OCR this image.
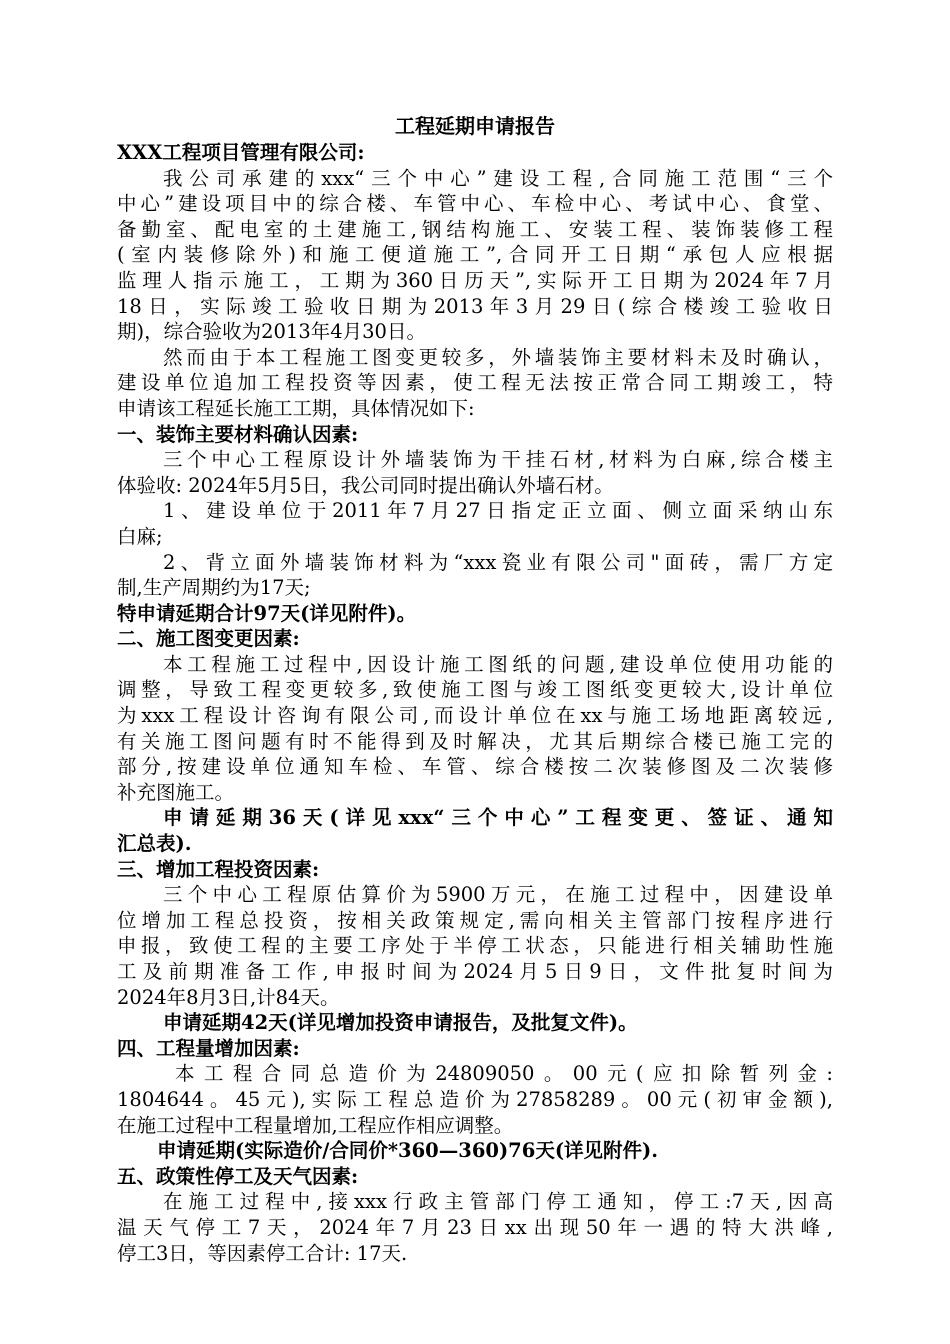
工程延期申请报告
XXX工程项目管理有限公司:
我公司承建的xxx“三个中心”建设工程,合同施工范围“三个
中心”建设项目中的综合楼、车管中心、车检中心、考试中心、食堂、
备勤室、配电室的土建施工,钢结构施工、安装工程、装饰装修工程
(室内装修除外)和施工便道施工”,合同开工日期“承包人应根据
监理人指示施工，工期为360日历天”,实际开工日期为2024年7月
18日，实际竣工验收日期为2013年3月29日(综合楼竣工验收日
期)，综合验收为2013年4月30日。
然而由于本工程施工图变更较多，外墙装饰主要材料未及时确认，
建设单位追加工程投资等因素，使工程无法按正常合同工期竣工，特
申请该工程延长施工工期，具体情况如下:
一、装饰主要材料确认因素:
三个中心工程原设计外墙装饰为干挂石材,材料为白麻,综合楼主
体验收: 2024年5月5日，我公司同时提出确认外墙石材。
1、建设单位于2011年7月27日指定正立面、侧立面采纳山东
白麻;
2、背立面外墙装饰材料为“xxx瓷业有限公司"面砖，需厂方定
制,生产周期约为17天;
特申请延期合计97天(详见附件)。
二、施工图变更因素:
本工程施工过程中,因设计施工图纸的问题,建设单位使用功能的
调整，导致工程变更较多,致使施工图与竣工图纸变更较大,设计单位
为xxx工程设计咨询有限公司,而设计单位在xx与施工场地距离较远,
有关施工图问题有时不能得到及时解决，尤其后期综合楼已施工完的
部分,按建设单位通知车检、车管、综合楼按二次装修图及二次装修
补充图施工。
申请延期36天(详见xxx“三个中心”工程变更、签证、通知
汇总表).
三、增加工程投资因素:
三个中心工程原估算价为5900万元，在施工过程中，因建设单
位增加工程总投资，按相关政策规定,需向相关主管部门按程序进行
申报，致使工程的主要工序处于半停工状态，只能进行相关辅助性施
工及前期准备工作,申报时间为2024月5日9日，文件批复时间为
2024年8月3日,计84天。
申请延期42天(详见增加投资申请报告，及批复文件)。
四、工程量增加因素:
本工程合同总造价为24809050。00元(应扣除暂列金:
1804644。45元),实际工程总造价为27858289。00元(初审金额),
在施工过程中工程量增加,工程应作相应调整。
申请延期(实际造价/合同价*360—360)76天(详见附件).
五、政策性停工及天气因素:
在施工过程中,接xxx行政主管部门停工通知，停工:7天,因高
温天气停工7天，2024年7月23日xx出现50年一遇的特大洪峰,
停工3日，等因素停工合计: 17天.
